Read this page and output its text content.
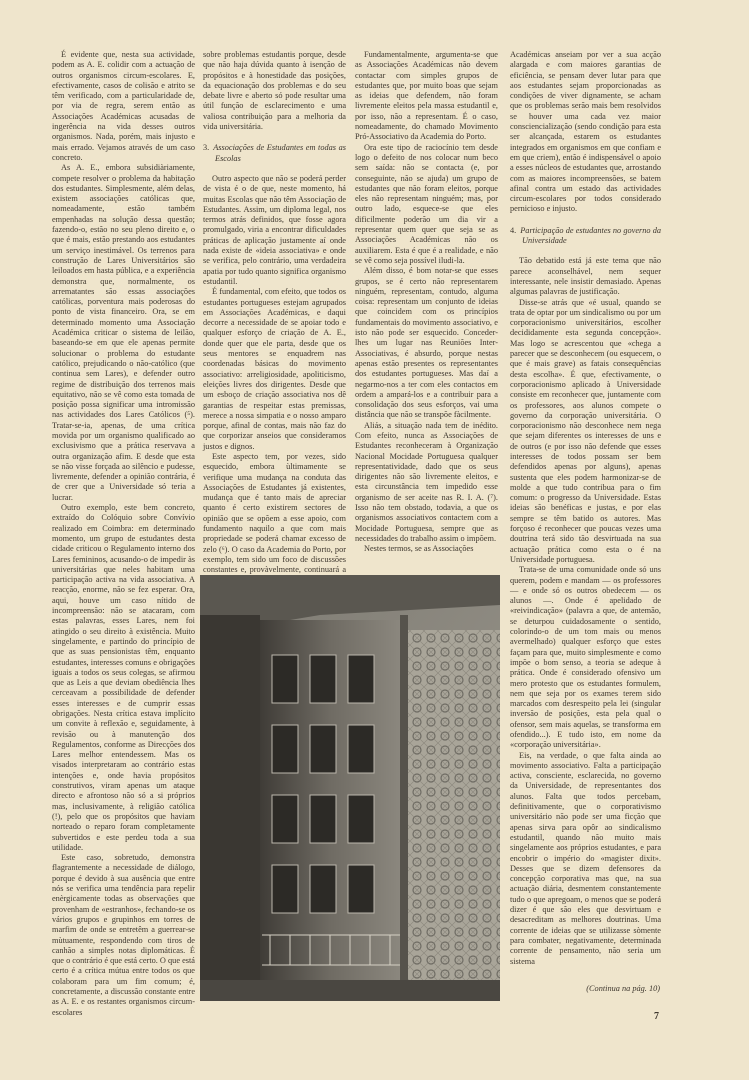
É evidente que, nesta sua actividade, podem as A. E. colidir com a actuação de outros organismos circum-escolares. E, efectivamente, casos de colisão e atrito se têm verificado, com a particularidade de, por via de regra, serem então as Associações Académicas acusadas de ingerência na vida desses outros organismos. Nada, porém, mais injusto e mais errado. Vejamos através de um caso concreto.

As A. E., embora subsidiàriamente, compete resolver o problema da habitação dos estudantes. Simplesmente, além delas, existem associações católicas que, nomeadamente, estão também empenhadas na solução dessa questão; fazendo-o, estão no seu pleno direito e, o que é mais, estão prestando aos estudantes um serviço inestimável. Os terrenos para construção de Lares Universitários são leiloados em hasta pública, e a experiência demonstra que, normalmente, os arrematantes são essas associações católicas, porventura mais poderosas do ponto de vista financeiro. Ora, se em determinado momento uma Associação Académica criticar o sistema de leilão, baseando-se em que ele apenas permite solucionar o problema do estudante católico, prejudicando o não-católico (que continua sem Lares), e defender outro regime de distribuição dos terrenos mais equitativo, não se vê como esta tomada de posição possa significar uma intromissão nas actividades dos Lares Católicos (⁵). Tratar-se-ia, apenas, de uma crítica movida por um organismo qualificado ao exclusivismo que a prática reservava a outra organização afim. E desde que esta se não visse forçada ao silêncio e pudesse, livremente, defender a opinião contrária, é de crer que a Universidade só teria a lucrar.

Outro exemplo, este bem concreto, extraído do Colóquio sobre Convívio realizado em Coimbra: em determinado momento, um grupo de estudantes desta cidade criticou o Regulamento interno dos Lares femininos, acusando-o de impedir às universitárias que neles habitam uma participação activa na vida associativa. A reacção, enorme, não se fez esperar. Ora, aqui, houve um caso nítido de incompreensão: não se atacaram, com estas palavras, esses Lares, nem foi atingido o seu direito à existência. Muito singelamente, e partindo do princípio de que as suas pensionistas têm, enquanto estudantes, interesses comuns e obrigações iguais a todos os seus colegas, se afirmou que as Leis a que deviam obediência lhes cerceavam a possibilidade de defender esses interesses e de cumprir essas obrigações. Nesta crítica estava implícito um convite à reflexão e, seguidamente, à revisão ou à manutenção dos Regulamentos, conforme as Direcções dos Lares melhor entendessem. Mas os visados interpretaram ao contrário estas intenções e, onde havia propósitos construtivos, viram apenas um ataque directo e afrontoso não só a si próprios mas, inclusivamente, à religião católica (!), pelo que os propósitos que haviam norteado o reparo foram completamente subvertidos e este perdeu toda a sua utilidade.

Este caso, sobretudo, demonstra flagrantemente a necessidade de diálogo, porque é devido à sua ausência que entre nós se verifica uma tendência para repelir enèrgicamente todas as observações que provenham de «estranhos», fechando-se os vários grupos e grupinhos em torres de marfim de onde se entretêm a guerrear-se mùtuamente, respondendo com tiros de canhão a simples notas diplomáticas. É que o contrário é que está certo. O que está certo é a crítica mútua entre todos os que colaboram para um fim comum; é, concretamente, a discussão constante entre as A. E. e os restantes organismos circum-escolares

sobre problemas estudantis porque, desde que não haja dúvida quanto à isenção de propósitos e à honestidade das posições, da equacionação dos problemas e do seu debate livre e aberto só pode resultar uma útil função de esclarecimento e uma valiosa contribuição para a melhoria da vida universitária.

3. Associações de Estudantes em todas as Escolas

Outro aspecto que não se poderá perder de vista é o de que, neste momento, há muitas Escolas que não têm Associação de Estudantes. Assim, um diploma legal, nos termos atrás definidos, que fosse agora promulgado, viria a encontrar dificuldades práticas de aplicação justamente aí onde nada existe de «ideia associativa» e onde se verifica, pelo contrário, uma verdadeira apatia por tudo quanto significa organismo estudantil.

É fundamental, com efeito, que todos os estudantes portugueses estejam agrupados em Associações Académicas, e daqui decorre a necessidade de se apoiar todo e qualquer esforço de criação de A. E., donde quer que ele parta, desde que os seus mentores se enquadrem nas coordenadas básicas do movimento associativo: arreligiosidade, apoliticismo, eleições livres dos dirigentes. Desde que um esboço de criação associativa nos dê garantias de respeitar estas premissas, merece a nossa simpatia e o nosso amparo porque, afinal de contas, mais não faz do que corporizar anseios que consideramos justos e dignos.

Este aspecto tem, por vezes, sido esquecido, embora ùltimamente se verifique uma mudança na conduta das Associações de Estudantes já existentes, mudança que é tanto mais de apreciar quanto é certo existirem sectores de opinião que se opõem a esse apoio, com fundamento naquilo a que com mais propriedade se poderá chamar excesso de zelo (⁶). O caso da Academia do Porto, por exemplo, tem sido um foco de discussões constantes e, provàvelmente, continuará a

Fundamentalmente, argumenta-se que as Associações Académicas não devem contactar com simples grupos de estudantes que, por muito boas que sejam as ideias que defendem, não foram livremente eleitos pela massa estudantil e, por isso, não a representam. É o caso, nomeadamente, do chamado Movimento Pró-Associativo da Academia do Porto.

Ora este tipo de raciocínio tem desde logo o defeito de nos colocar num beco sem saída: não se contacta (e, por conseguinte, não se ajuda) um grupo de estudantes que não foram eleitos, porque eles não representam ninguém; mas, por outro lado, esquece-se que eles dificilmente poderão um dia vir a representar quem quer que seja se as Associações Académicas não os auxiliarem. Esta é que é a realidade, e não se vê como seja possível iludi-la.

Além disso, é bom notar-se que esses grupos, se é certo não representarem ninguém, representam, contudo, alguma coisa: representam um conjunto de ideias que coincidem com os princípios fundamentais do movimento associativo, e isto não pode ser esquecido. Conceder-lhes um lugar nas Reuniões Inter-Associativas, é absurdo, porque nestas apenas estão presentes os representantes dos estudantes portugueses. Mas daí a negarmo-nos a ter com eles contactos em ordem a ampará-los e a contribuir para a consolidação dos seus esforços, vai uma distância que não se transpõe fàcilmente.

Aliás, a situação nada tem de inédito. Com efeito, nunca as Associações de Estudantes reconheceram à Organização Nacional Mocidade Portuguesa qualquer representatividade, dado que os seus dirigentes não são livremente eleitos, e esta circunstância tem impedido esse organismo de ser aceite nas R. I. A. (⁷). Isso não tem obstado, todavia, a que os organismos associativos contactem com a Mocidade Portuguesa, sempre que as necessidades do trabalho assim o impõem.

Nestes termos, se as Associações

Académicas anseiam por ver a sua acção alargada e com maiores garantias de eficiência, se pensam dever lutar para que aos estudantes sejam proporcionadas as condições de viver dignamente, se acham que os problemas serão mais bem resolvidos se houver uma cada vez maior consciencialização (sendo condição para esta ser alcançada, estarem os estudantes integrados em organismos em que confiam e em que criem), então é indispensável o apoio a esses núcleos de estudantes que, arrostando com as maiores incompreensões, se batem afinal contra um estado das actividades circum-escolares por todos considerado pernicioso e injusto.

4. Participação de estudantes no governo da Universidade

Tão debatido está já este tema que não parece aconselhável, nem sequer interessante, nele insistir demasiado. Apenas algumas palavras de justificação.

Disse-se atrás que «é usual, quando se trata de optar por um sindicalismo ou por um corporacionismo universitários, escolher decididamente esta segunda concepção». Mas logo se acrescentou que «chega a parecer que se desconhecem (ou esquecem, o que é mais grave) as fatais consequências desta escolha». É que, efectivamente, o corporacionismo aplicado à Universidade consiste em reconhecer que, juntamente com os professores, aos alunos compete o governo da corporação universitária. O corporacionismo não desconhece nem nega que sejam diferentes os interesses de uns e de outros (e por isso não defende que esses interesses de todos possam ser bem defendidos apenas por alguns), apenas sustenta que eles podem harmonizar-se de molde a que tudo contribua para o fim comum: o progresso da Universidade. Estas ideias são benéficas e justas, e por elas sempre se têm batido os autores. Mas forçoso é reconhecer que poucas vezes uma doutrina terá sido tão desvirtuada na sua actuação prática como esta o é na Universidade portuguesa.

Trata-se de uma comunidade onde só uns querem, podem e mandam — os professores — e onde só os outros obedecem — os alunos —. Onde é apelidado de «reivindicação» (palavra a que, de antemão, se deturpou cuidadosamente o sentido, colorindo-o de um tom mais ou menos avermelhado) qualquer esforço que estes façam para que, muito simplesmente e como impõe o bom senso, a teoria se adeque à prática. Onde é considerado ofensivo um mero protesto que os estudantes formulem, nem que seja por os exames terem sido marcados com desrespeito pela lei (singular inversão de posições, esta pela qual o ofensor, sem mais aquelas, se transforma em ofendido...). E tudo isto, em nome da «corporação universitária».

Eis, na verdade, o que falta ainda ao movimento associativo. Falta a participação activa, consciente, esclarecida, no governo da Universidade, de representantes dos alunos. Falta que todos percebam, definitivamente, que o corporativismo universitário não pode ser uma ficção que apenas sirva para opôr ao sindicalismo estudantil, quando não muito mais singelamente aos próprios estudantes, e para encobrir o império do «magister dixit». Desses que se dizem defensores da concepção corporativa mas que, na sua actuação diária, desmentem constantemente tudo o que apregoam, o menos que se poderá dizer é que são eles que desvirtuam e desacreditam as melhores doutrinas. Uma corrente de ideias que se utilizasse sòmente para combater, negativamente, determinada corrente de pensamento, não seria um sistema

(Continua na pág. 10)
7
